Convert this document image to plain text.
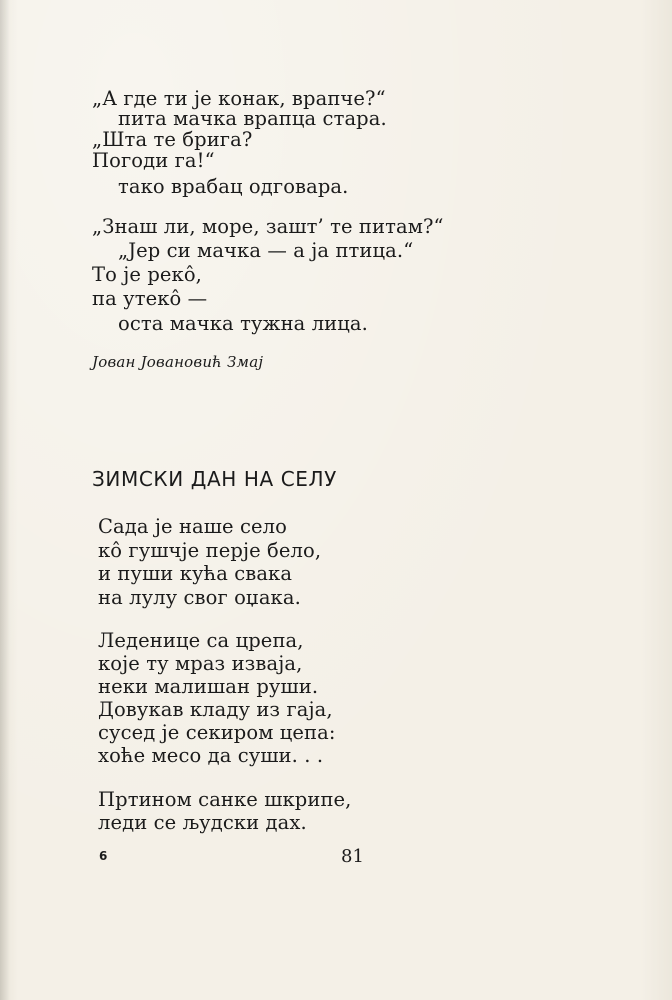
„А где ти је конак, врапче?“
пита мачка врапца стара.
„Шта те брига?
Погоди га!“
тако врабац одговара.
„Знаш ли, море, зашт’ те питам?“
„Јер си мачка — а ја птица.“
То је рекô,
па утекô —
оста мачка тужна лица.
Јован Јовановић Змај
ЗИМСКИ ДАН НА СЕЛУ
Сада је наше село
кô гушчје перје бело,
и пуши кућа свака
на лулу свог оџака.
Леденице са црепа,
које ту мраз изваја,
неки малишан руши.
Довукав кладу из гаја,
сусед је секиром цепа:
хоће месо да суши. . .
Пртином санке шкрипе,
леди се људски дах.
6	81
